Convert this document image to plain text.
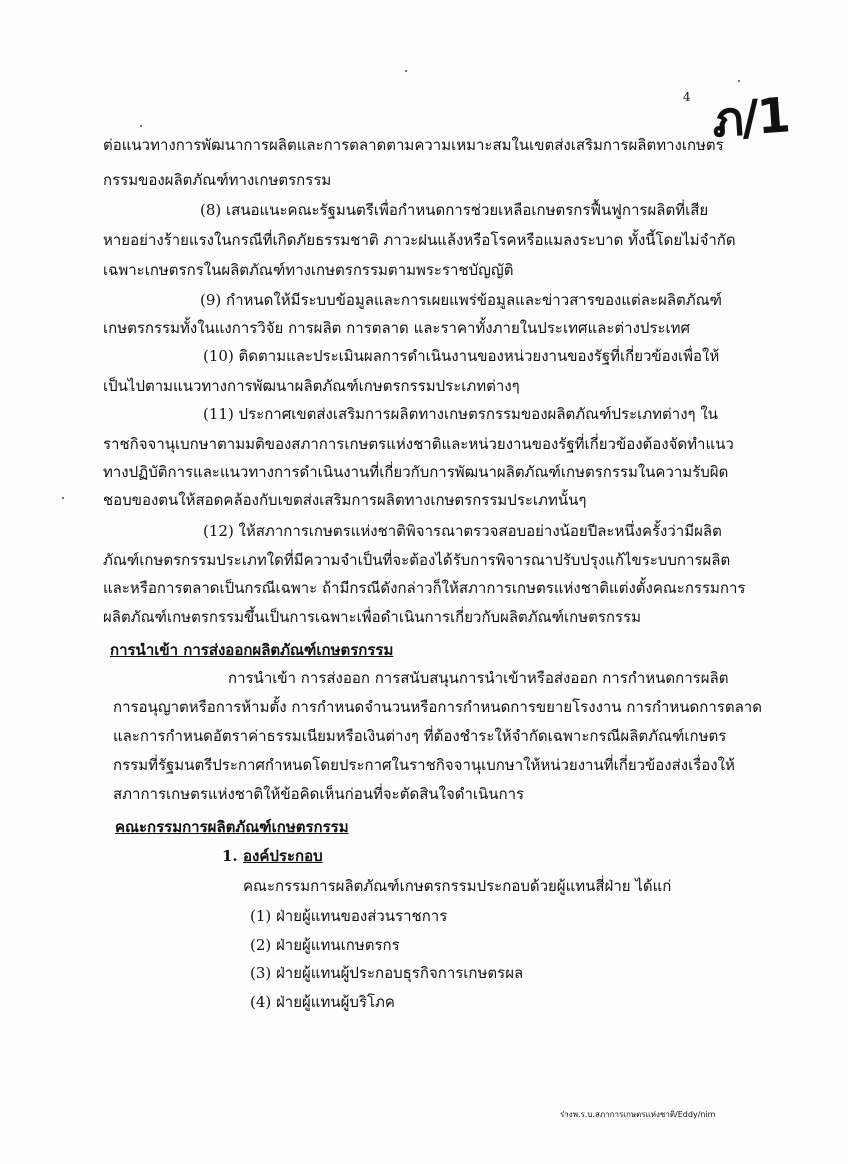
4 ภ/1
ต่อแนวทางการพัฒนาการผลิตและการตลาดตามความเหมาะสมในเขตส่งเสริมการผลิตทางเกษตร
กรรมของผลิตภัณฑ์ทางเกษตรกรรม
(8) เสนอแนะคณะรัฐมนตรีเพื่อกำหนดการช่วยเหลือเกษตรกรฟื้นฟูการผลิตที่เสีย
หายอย่างร้ายแรงในกรณีที่เกิดภัยธรรมชาติ ภาวะฝนแล้งหรือโรคหรือแมลงระบาด ทั้งนี้โดยไม่จำกัด
เฉพาะเกษตรกรในผลิตภัณฑ์ทางเกษตรกรรมตามพระราชบัญญัติ
(9) กำหนดให้มีระบบข้อมูลและการเผยแพร่ข้อมูลและข่าวสารของแต่ละผลิตภัณฑ์
เกษตรกรรมทั้งในแงการวิจัย การผลิต การตลาด และราคาทั้งภายในประเทศและต่างประเทศ
(10) ติดตามและประเมินผลการดำเนินงานของหน่วยงานของรัฐที่เกี่ยวข้องเพื่อให้
เป็นไปตามแนวทางการพัฒนาผลิตภัณฑ์เกษตรกรรมประเภทต่างๆ
(11) ประกาศเขตส่งเสริมการผลิตทางเกษตรกรรมของผลิตภัณฑ์ประเภทต่างๆ ใน
ราชกิจจานุเบกษาตามมติของสภาการเกษตรแห่งชาติและหน่วยงานของรัฐที่เกี่ยวข้องต้องจัดทำแนว
ทางปฏิบัติการและแนวทางการดำเนินงานที่เกี่ยวกับการพัฒนาผลิตภัณฑ์เกษตรกรรมในความรับผิด
ชอบของตนให้สอดคล้องกับเขตส่งเสริมการผลิตทางเกษตรกรรมประเภทนั้นๆ
(12) ให้สภาการเกษตรแห่งชาติพิจารณาตรวจสอบอย่างน้อยปีละหนึ่งครั้งว่ามีผลิต
ภัณฑ์เกษตรกรรมประเภทใดที่มีความจำเป็นที่จะต้องได้รับการพิจารณาปรับปรุงแก้ไขระบบการผลิต
และหรือการตลาดเป็นกรณีเฉพาะ ถ้ามีกรณีดังกล่าวก็ให้สภาการเกษตรแห่งชาติแต่งตั้งคณะกรรมการ
ผลิตภัณฑ์เกษตรกรรมขึ้นเป็นการเฉพาะเพื่อดำเนินการเกี่ยวกับผลิตภัณฑ์เกษตรกรรม
การนำเข้า การส่งออกผลิตภัณฑ์เกษตรกรรม
การนำเข้า การส่งออก การสนับสนุนการนำเข้าหรือส่งออก การกำหนดการผลิต
การอนุญาตหรือการห้ามตั้ง การกำหนดจำนวนหรือการกำหนดการขยายโรงงาน การกำหนดการตลาด
และการกำหนดอัตราค่าธรรมเนียมหรือเงินต่างๆ ที่ต้องชำระให้จำกัดเฉพาะกรณีผลิตภัณฑ์เกษตร
กรรมที่รัฐมนตรีประกาศกำหนดโดยประกาศในราชกิจจานุเบกษาให้หน่วยงานที่เกี่ยวข้องส่งเรื่องให้
สภาการเกษตรแห่งชาติให้ข้อคิดเห็นก่อนที่จะตัดสินใจดำเนินการ
คณะกรรมการผลิตภัณฑ์เกษตรกรรม
1. องค์ประกอบ
คณะกรรมการผลิตภัณฑ์เกษตรกรรมประกอบด้วยผู้แทนสี่ฝ่าย ได้แก่
(1) ฝ่ายผู้แทนของส่วนราชการ
(2) ฝ่ายผู้แทนเกษตรกร
(3) ฝ่ายผู้แทนผู้ประกอบธุรกิจการเกษตรผล
(4) ฝ่ายผู้แทนผู้บริโภค
ร่างพ.ร.บ.สภาการเกษตรแห่งชาติ/Eddy/nim
